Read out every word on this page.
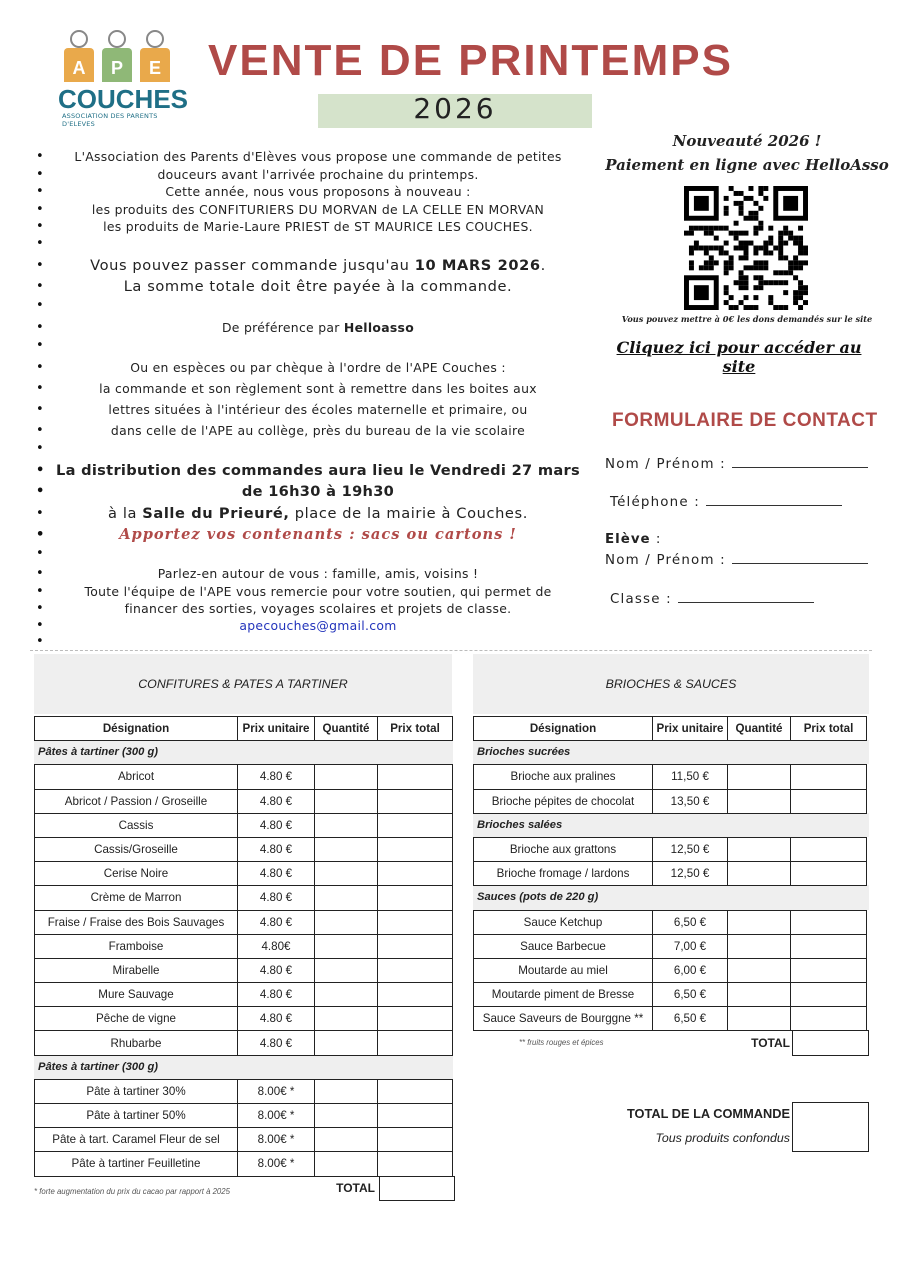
A	P	E
COUCHES
ASSOCIATION DES PARENTS D'ELEVES
VENTE DE PRINTEMPS
2026
• L'Association des Parents d'Elèves vous propose une commande de petites
• douceurs avant l'arrivée prochaine du printemps.
• Cette année, nous vous proposons à nouveau :
• les produits des CONFITURIERS DU MORVAN de LA CELLE EN MORVAN
• les produits de Marie-Laure PRIEST de ST MAURICE LES COUCHES.
•
• Vous pouvez passer commande jusqu'au 10 MARS 2026.
• La somme totale doit être payée à la commande.
•
• De préférence par Helloasso
•
• Ou en espèces ou par chèque à l'ordre de l'APE Couches :
• la commande et son règlement sont à remettre dans les boites aux
• lettres situées à l'intérieur des écoles maternelle et primaire, ou
• dans celle de l'APE au collège, près du bureau de la vie scolaire
•
• La distribution des commandes aura lieu le Vendredi 27 mars
• de 16h30 à 19h30
• à la Salle du Prieuré, place de la mairie à Couches.
• Apportez vos contenants : sacs ou cartons !
•
• Parlez-en autour de vous : famille, amis, voisins !
• Toute l'équipe de l'APE vous remercie pour votre soutien, qui permet de
• financer des sorties, voyages scolaires et projets de classe.
• apecouches@gmail.com
•
Nouveauté 2026 !
Paiement en ligne avec HelloAsso
Vous pouvez mettre à 0€ les dons demandés sur le site
Cliquez ici pour accéder au site
FORMULAIRE DE CONTACT
Nom / Prénom :
Téléphone :
Elève :
Nom / Prénom :
Classe :
CONFITURES & PATES A TARTINER
Désignation	Prix unitaire	Quantité	Prix total
Pâtes à tartiner (300 g)
Abricot	4.80 €
Abricot / Passion / Groseille	4.80 €
Cassis	4.80 €
Cassis/Groseille	4.80 €
Cerise Noire	4.80 €
Crème de Marron	4.80 €
Fraise / Fraise des Bois Sauvages	4.80 €
Framboise	4.80€
Mirabelle	4.80 €
Mure Sauvage	4.80 €
Pêche de vigne	4.80 €
Rhubarbe	4.80 €
Pâtes à tartiner (300 g)
Pâte à tartiner 30%	8.00€ *
Pâte à tartiner 50%	8.00€ *
Pâte à tart. Caramel Fleur de sel	8.00€ *
Pâte à tartiner Feuilletine	8.00€ *
* forte augmentation du prix du cacao par rapport à 2025	TOTAL
BRIOCHES & SAUCES
Désignation	Prix unitaire	Quantité	Prix total
Brioches sucrées
Brioche aux pralines	11,50 €
Brioche pépites de chocolat	13,50 €
Brioches salées
Brioche aux grattons	12,50 €
Brioche fromage / lardons	12,50 €
Sauces (pots de 220 g)
Sauce Ketchup	6,50 €
Sauce Barbecue	7,00 €
Moutarde au miel	6,00 €
Moutarde piment de Bresse	6,50 €
Sauce Saveurs de Bourggne **	6,50 €
** fruits rouges et épices	TOTAL
TOTAL DE LA COMMANDE
Tous produits confondus
